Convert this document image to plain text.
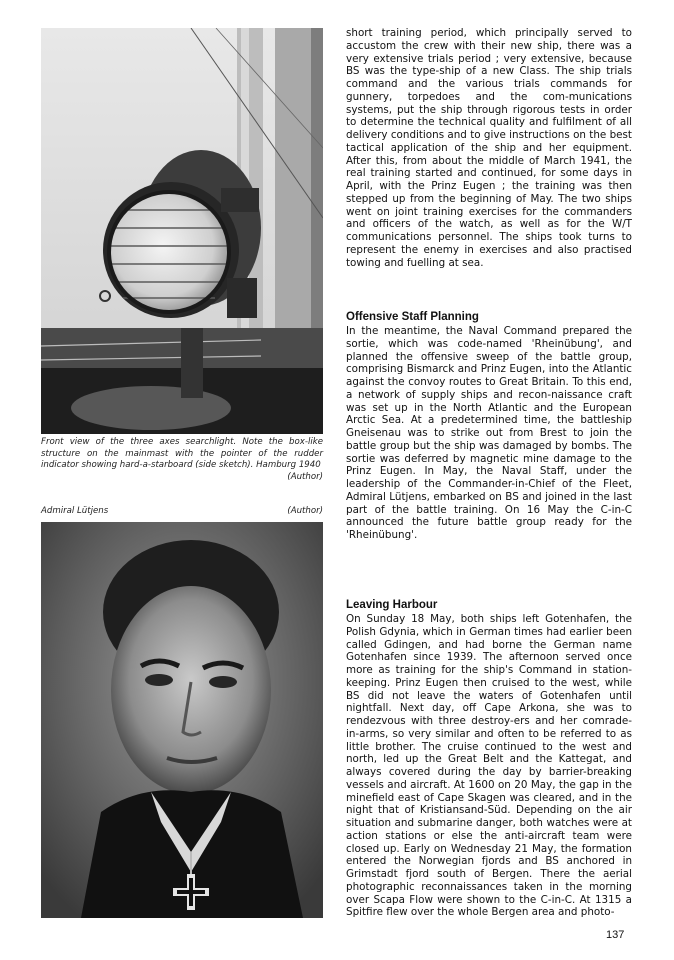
Front view of the three axes searchlight. Note the box-like structure on the mainmast with the pointer of the rudder indicator showing hard-a-starboard (side sketch). Hamburg 1940
(Author)
Admiral Lütjens	(Author)

short training period, which principally served to accustom the crew with their new ship, there was a very extensive trials period ; very extensive, because BS was the type-ship of a new Class. The ship trials command and the various trials commands for gunnery, torpedoes and the com-munications systems, put the ship through rigorous tests in order to determine the technical quality and fulfilment of all delivery conditions and to give instructions on the best tactical application of the ship and her equipment. After this, from about the middle of March 1941, the real training started and continued, for some days in April, with the Prinz Eugen ; the training was then stepped up from the beginning of May. The two ships went on joint training exercises for the commanders and officers of the watch, as well as for the W/T communications personnel. The ships took turns to represent the enemy in exercises and also practised towing and fuelling at sea.

Offensive Staff Planning

In the meantime, the Naval Command prepared the sortie, which was code-named 'Rheinübung', and planned the offensive sweep of the battle group, comprising Bismarck and Prinz Eugen, into the Atlantic against the convoy routes to Great Britain. To this end, a network of supply ships and recon-naissance craft was set up in the North Atlantic and the European Arctic Sea. At a predetermined time, the battleship Gneisenau was to strike out from Brest to join the battle group but the ship was damaged by bombs. The sortie was deferred by magnetic mine damage to the Prinz Eugen. In May, the Naval Staff, under the leadership of the Commander-in-Chief of the Fleet, Admiral Lütjens, embarked on BS and joined in the last part of the battle training. On 16 May the C-in-C announced the future battle group ready for the 'Rheinübung'.

Leaving Harbour

On Sunday 18 May, both ships left Gotenhafen, the Polish Gdynia, which in German times had earlier been called Gdingen, and had borne the German name Gotenhafen since 1939. The afternoon served once more as training for the ship's Command in station-keeping. Prinz Eugen then cruised to the west, while BS did not leave the waters of Gotenhafen until nightfall. Next day, off Cape Arkona, she was to rendezvous with three destroy-ers and her comrade-in-arms, so very similar and often to be referred to as little brother. The cruise continued to the west and north, led up the Great Belt and the Kattegat, and always covered during the day by barrier-breaking vessels and aircraft. At 1600 on 20 May, the gap in the minefield east of Cape Skagen was cleared, and in the night that of Kristiansand-Süd. Depending on the air situation and submarine danger, both watches were at action stations or else the anti-aircraft team were closed up. Early on Wednesday 21 May, the formation entered the Norwegian fjords and BS anchored in Grimstadt fjord south of Bergen. There the aerial photographic reconnaissances taken in the morning over Scapa Flow were shown to the C-in-C. At 1315 a Spitfire flew over the whole Bergen area and photo-

137
